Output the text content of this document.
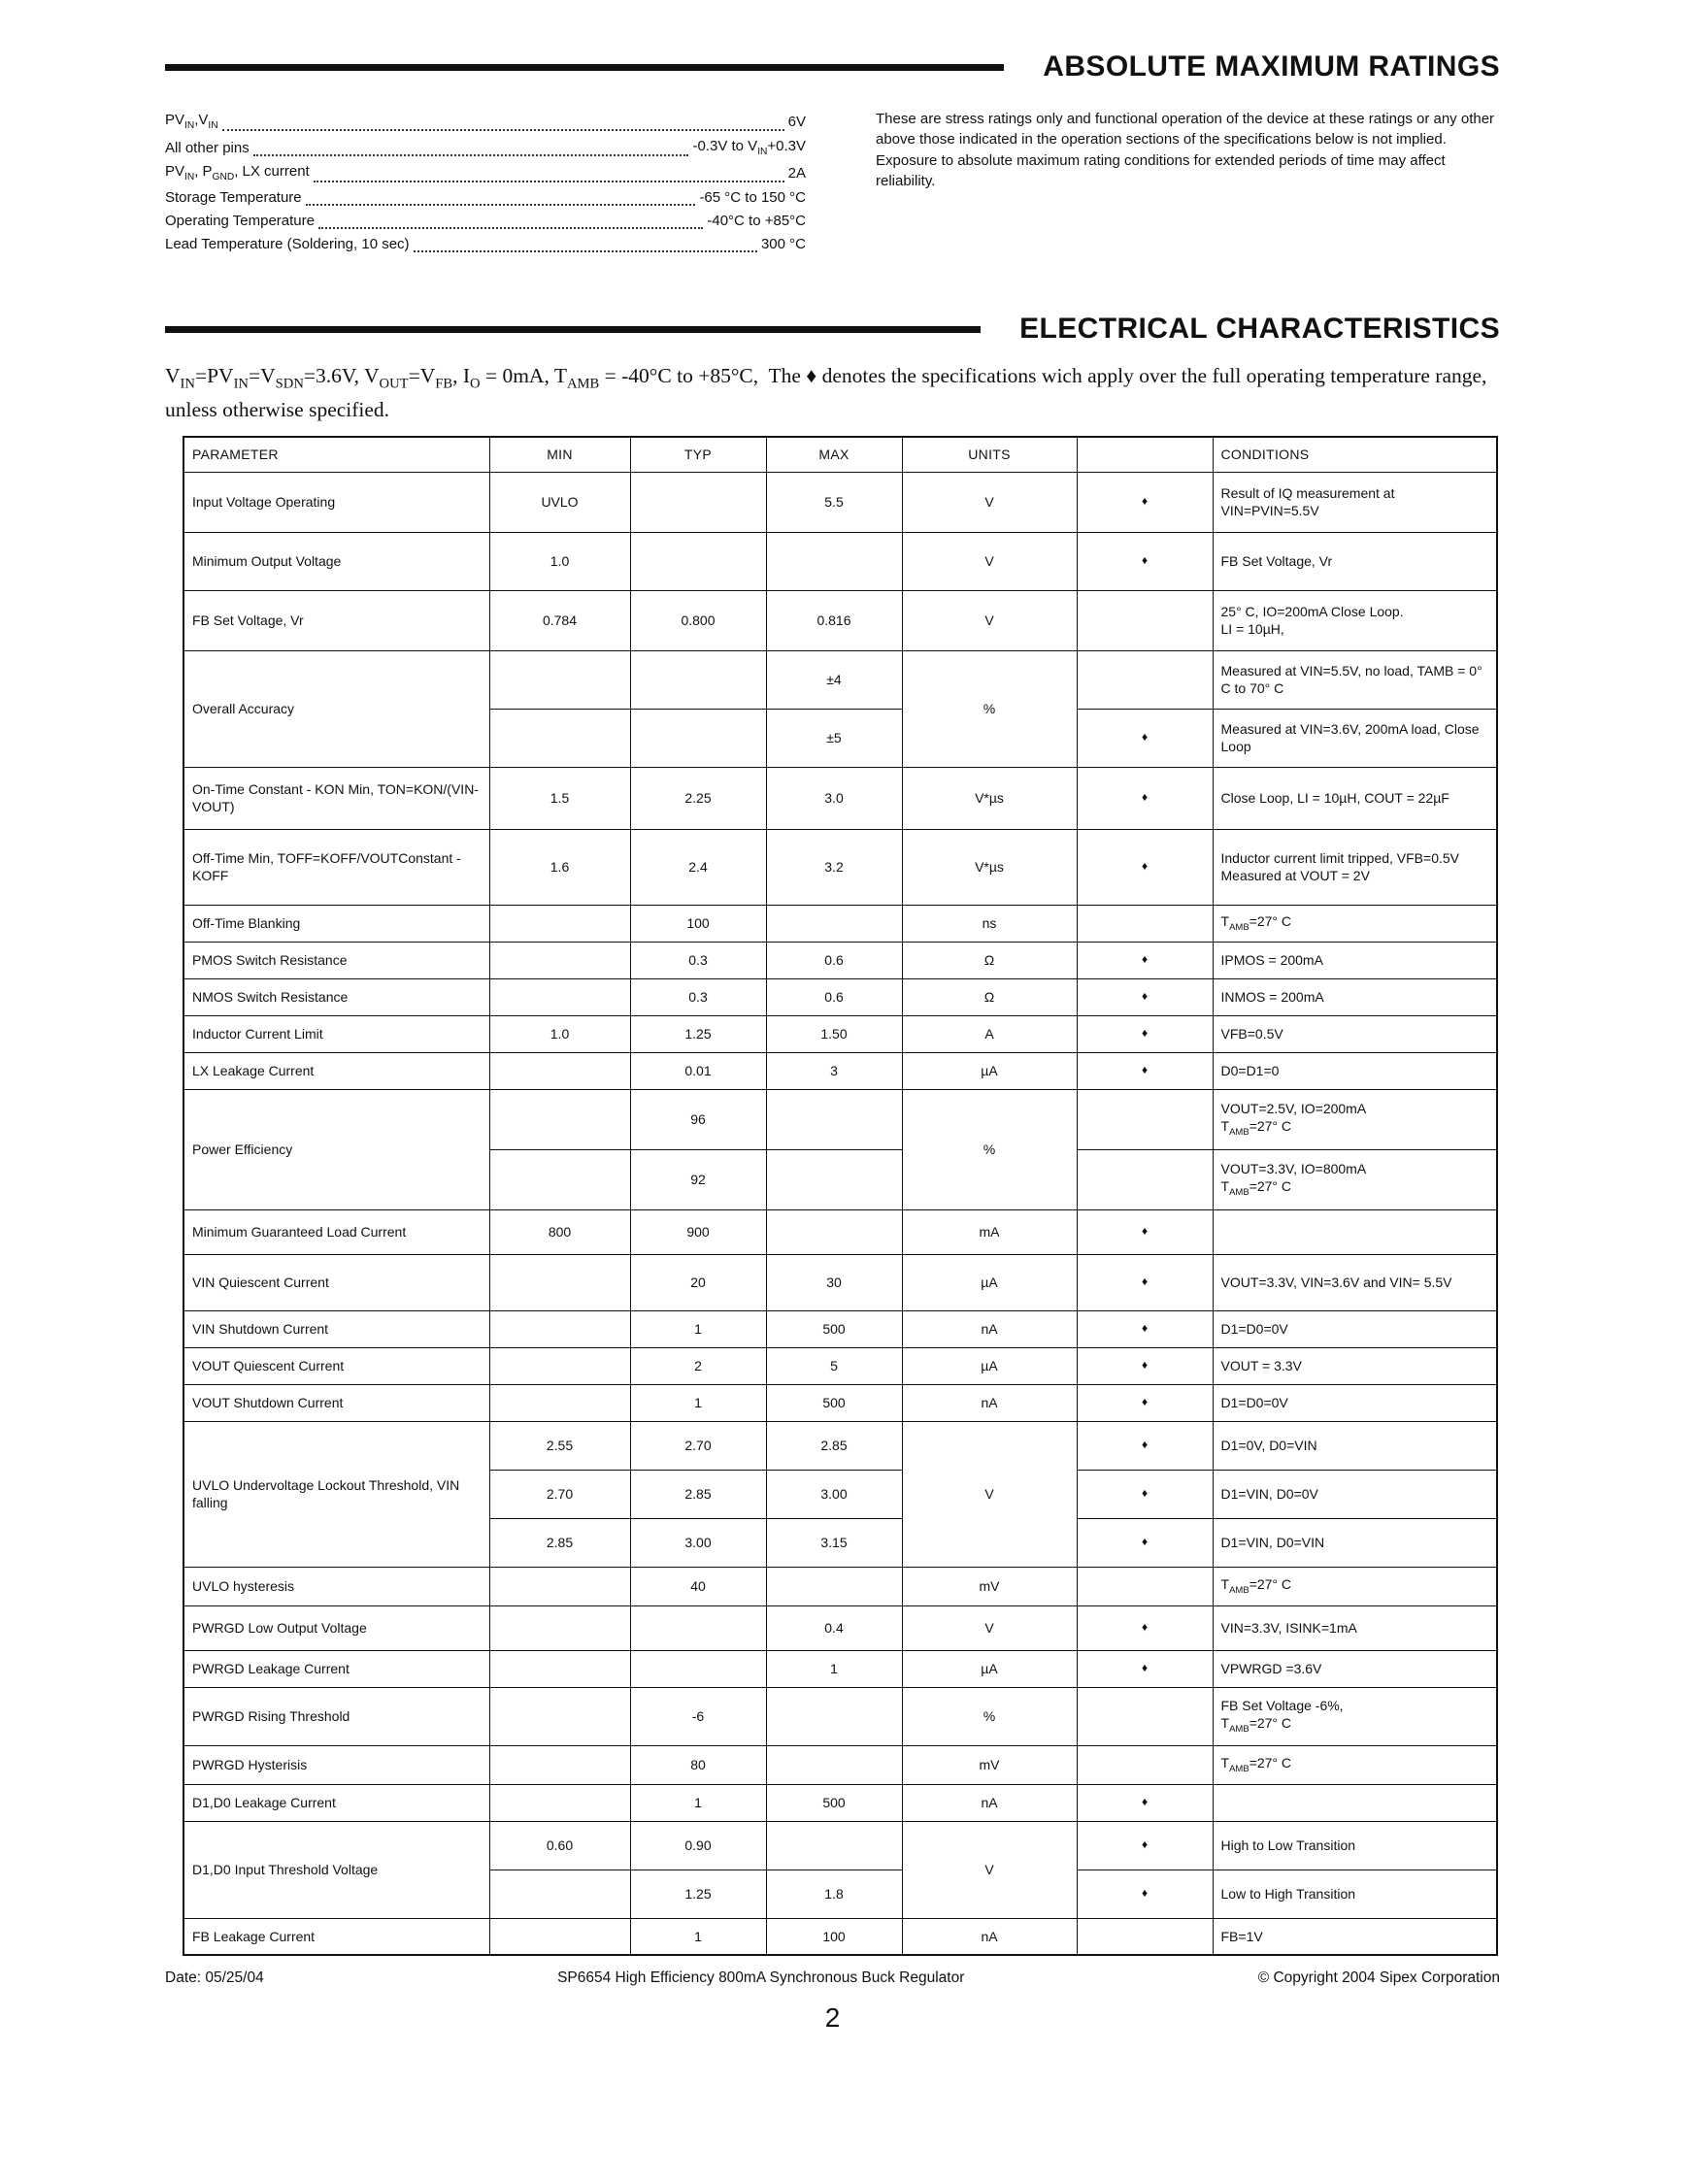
ABSOLUTE MAXIMUM RATINGS
$PV_{IN},V_{IN}$	6V
All other pins	-0.3V to $V_{IN}+0.3V$
$PV_{IN}$, $P_{GND}$, LX current	2A
Storage Temperature	-65 °C to 150 °C
Operating Temperature	-40°C to +85°C
Lead Temperature (Soldering, 10 sec)	300 °C

These are stress ratings only and functional operation of the device at these ratings or any other above those indicated in the operation sections of the specifications below is not implied. Exposure to absolute maximum rating conditions for extended periods of time may affect reliability.

ELECTRICAL CHARACTERISTICS

$V_{IN}=PV_{IN}=V_{SDN}=3.6V$, $V_{OUT}=V_{FB}$, $I_O = 0mA$, $T_{AMB} = -40^\circ C$ to +85°C,  The ♦ denotes the specifications wich apply over the full operating temperature range, unless otherwise specified.

PARAMETER	MIN	TYP	MAX	UNITS		CONDITIONS
Input Voltage Operating	UVLO		5.5	V	♦	Result of IQ measurement at VIN=PVIN=5.5V
Minimum Output Voltage	1.0			V	♦	FB Set Voltage, Vr
FB Set Voltage, Vr	0.784	0.800	0.816	V		25° C, IO=200mA Close Loop.
LI = 10µH,
Overall Accuracy			±4	%		Measured at VIN=5.5V, no load, TAMB = 0° C to 70° C
			±5		♦	Measured at VIN=3.6V, 200mA load, Close Loop
On-Time Constant - KON Min, TON=KON/(VIN-VOUT)	1.5	2.25	3.0	V*µs	♦	Close Loop, LI = 10µH, COUT = 22µF
Off-Time Min, TOFF=KOFF/VOUTConstant - KOFF	1.6	2.4	3.2	V*µs	♦	Inductor current limit tripped, VFB=0.5V Measured at VOUT = 2V
Off-Time Blanking		100		ns		$T_{AMB}=27^\circ$ C
PMOS Switch Resistance		0.3	0.6	Ω	♦	IPMOS = 200mA
NMOS Switch Resistance		0.3	0.6	Ω	♦	INMOS = 200mA
Inductor Current Limit	1.0	1.25	1.50	A	♦	VFB=0.5V
LX Leakage Current		0.01	3	µA	♦	D0=D1=0
Power Efficiency		96		%		VOUT=2.5V, IO=200mA
$T_{AMB}=27^\circ$ C
		92				VOUT=3.3V, IO=800mA
$T_{AMB}=27^\circ$ C
Minimum Guaranteed Load Current	800	900		mA	♦	
VIN Quiescent Current		20	30	µA	♦	VOUT=3.3V, VIN=3.6V and VIN= 5.5V
VIN Shutdown Current		1	500	nA	♦	D1=D0=0V
VOUT Quiescent Current		2	5	µA	♦	VOUT = 3.3V
VOUT Shutdown Current		1	500	nA	♦	D1=D0=0V
UVLO Undervoltage Lockout Threshold, VIN falling	2.55	2.70	2.85	V	♦	D1=0V, D0=VIN
	2.70	2.85	3.00		♦	D1=VIN, D0=0V
	2.85	3.00	3.15		♦	D1=VIN, D0=VIN
UVLO hysteresis		40		mV		$T_{AMB}=27^\circ$ C
PWRGD Low Output Voltage			0.4	V	♦	VIN=3.3V, ISINK=1mA
PWRGD Leakage Current			1	µA	♦	VPWRGD =3.6V
PWRGD Rising Threshold		-6		%		FB Set Voltage -6%,
$T_{AMB}=27^\circ$ C
PWRGD Hysterisis		80		mV		$T_{AMB}=27^\circ$ C
D1,D0 Leakage Current		1	500	nA	♦	
D1,D0 Input Threshold Voltage	0.60	0.90		V	♦	High to Low Transition
		1.25	1.8		♦	Low to High Transition
FB Leakage Current		1	100	nA		FB=1V
Date: 05/25/04	SP6654 High Efficiency 800mA Synchronous Buck Regulator	© Copyright 2004 Sipex Corporation
2
